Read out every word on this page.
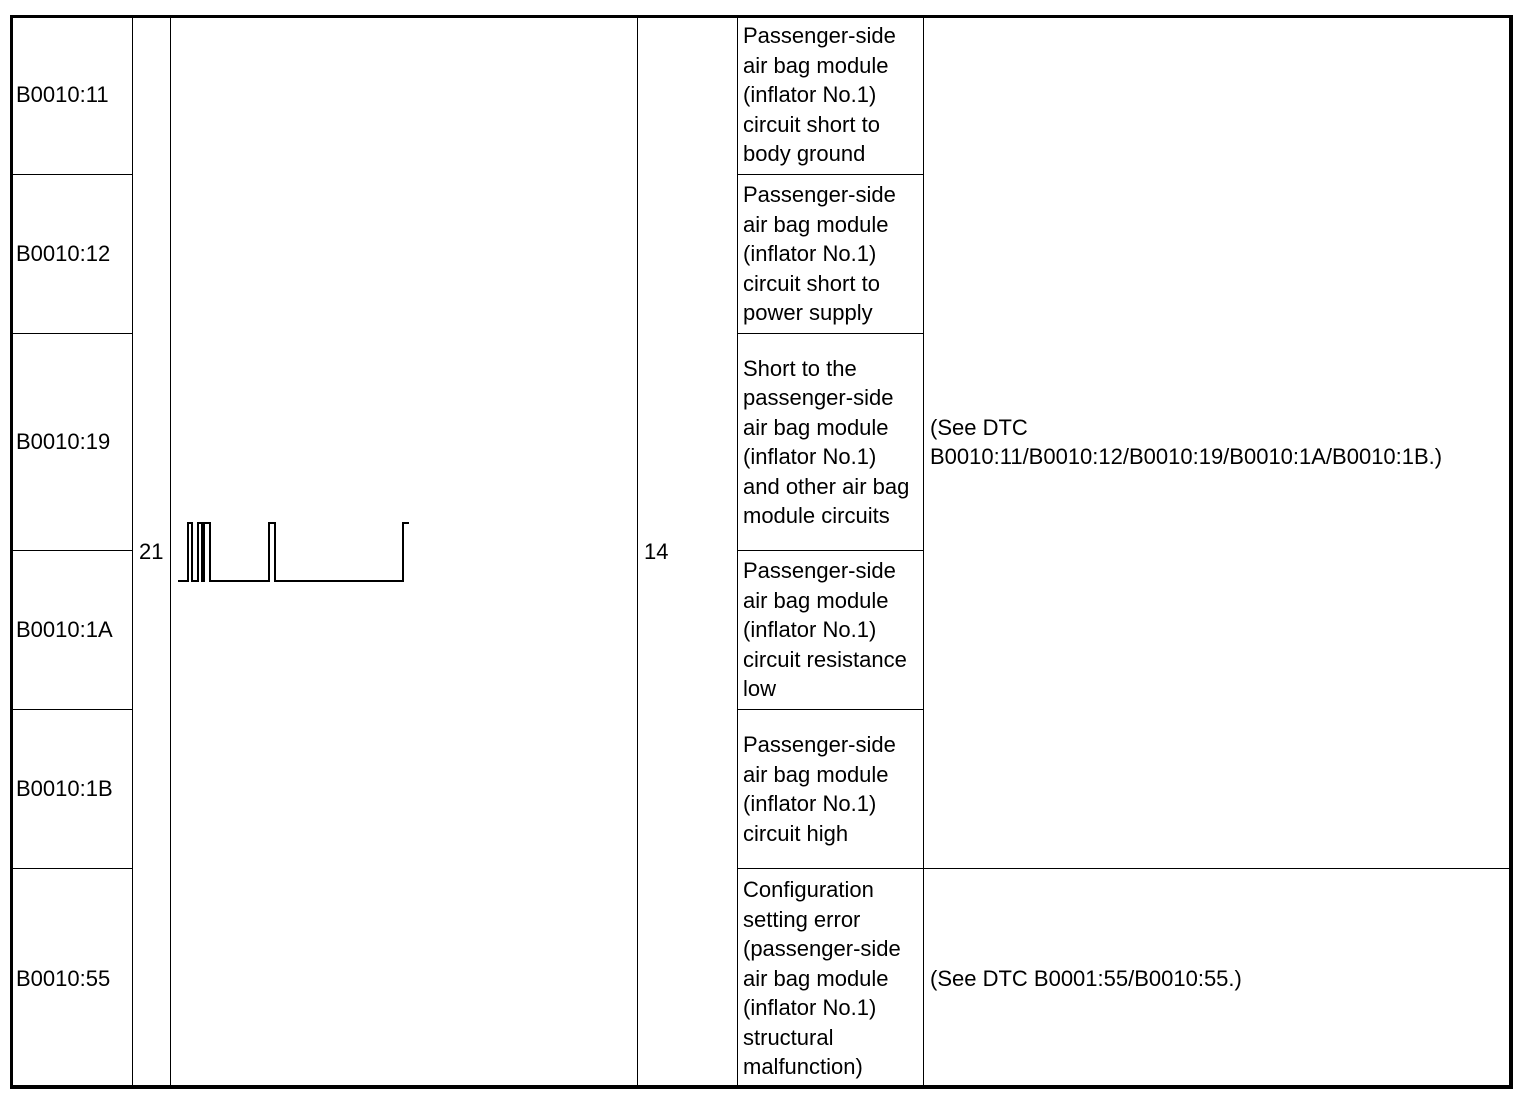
B0010:11	21		14	Passenger-side air bag module (inflator No.1) circuit short to body ground	(See DTC
B0010:11/B0010:12/B0010:19/B0010:1A/B0010:1B.)

B0010:12				Passenger-side air bag module (inflator No.1) circuit short to power supply	
B0010:19				Short to the passenger-side air bag module (inflator No.1) and other air bag module circuits	
B0010:1A				Passenger-side air bag module (inflator No.1) circuit resistance low	
B0010:1B				Passenger-side air bag module (inflator No.1) circuit high	
B0010:55				Configuration setting error (passenger-side air bag module (inflator No.1) structural malfunction)	(See DTC B0001:55/B0010:55.)
